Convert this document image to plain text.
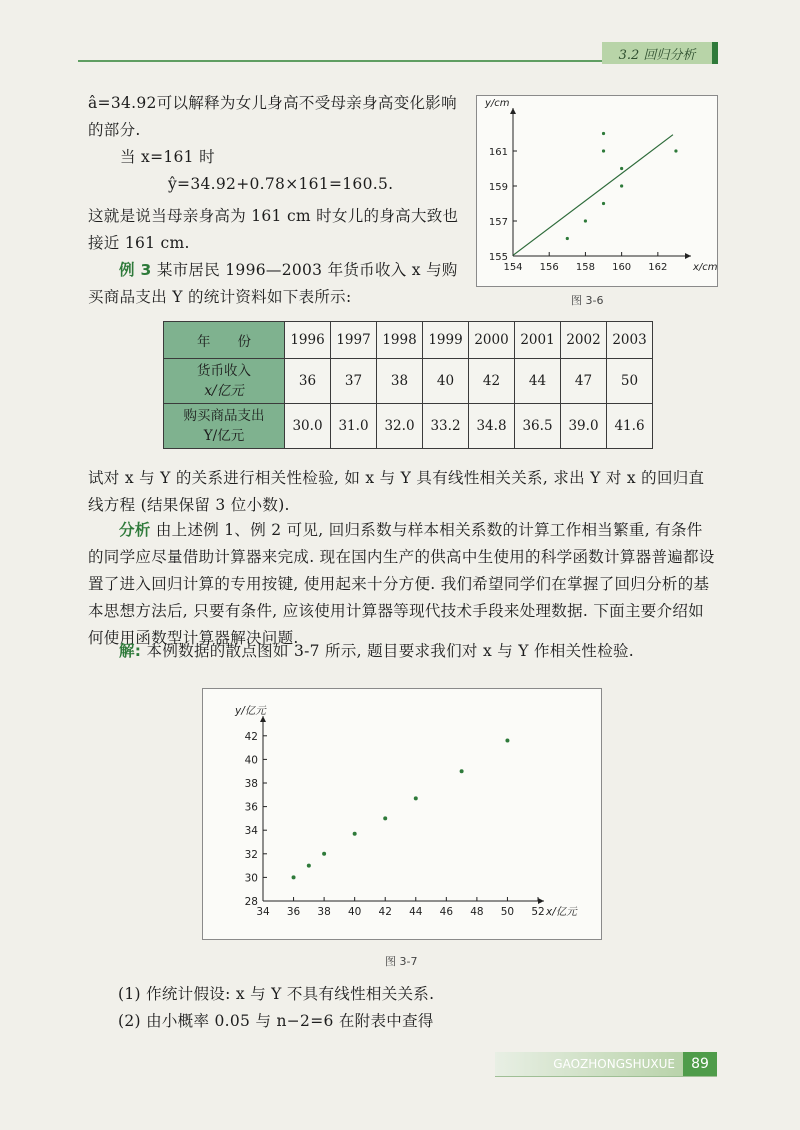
3.2 回归分析
â=34.92可以解释为女儿身高不受母亲身高变化影响的部分.
当 x=161 时
ŷ=34.92+0.78×161=160.5.
这就是说当母亲身高为 161 cm 时女儿的身高大致也接近 161 cm.
例 3 某市居民 1996—2003 年货币收入 x 与购买商品支出 Y 的统计资料如下表所示:
154 156 158 160 162
155
157
159
161
x/cm
y/cm
图 3-6
年　　份	1996	1997	1998	1999	2000	2001	2002	2003

货币收入
x/亿元	36	37	38	40	42	44	47	50

购买商品支出
Y/亿元	30.0	31.0	32.0	33.2	34.8	36.5	39.0	41.6
试对 x 与 Y 的关系进行相关性检验, 如 x 与 Y 具有线性相关关系, 求出 Y 对 x 的回归直线方程 (结果保留 3 位小数).
分析 由上述例 1、例 2 可见, 回归系数与样本相关系数的计算工作相当繁重, 有条件的同学应尽量借助计算器来完成. 现在国内生产的供高中生使用的科学函数计算器普遍都设置了进入回归计算的专用按键, 使用起来十分方便. 我们希望同学们在掌握了回归分析的基本思想方法后, 只要有条件, 应该使用计算器等现代技术手段来处理数据. 下面主要介绍如何使用函数型计算器解决问题.
解: 本例数据的散点图如 3-7 所示, 题目要求我们对 x 与 Y 作相关性检验.
34 36 38 40 42 44 46 48 50 52
28
30
32
34
36
38
40
42
x/亿元
y/亿元
图 3-7
(1) 作统计假设: x 与 Y 不具有线性相关关系.
(2) 由小概率 0.05 与 n−2=6 在附表中查得
GAOZHONGSHUXUE	89
